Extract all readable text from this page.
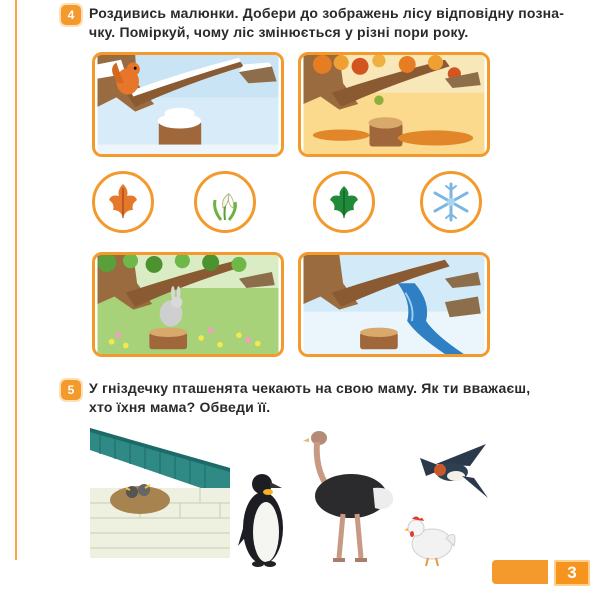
4 Роздивись малюнки. Добери до зображень лісу відповідну позна-
чку. Поміркуй, чому ліс змінюється у різні пори року.
5 У гніздечку пташенята чекають на свою маму. Як ти вважаєш,
хто їхня мама? Обведи її.
3
